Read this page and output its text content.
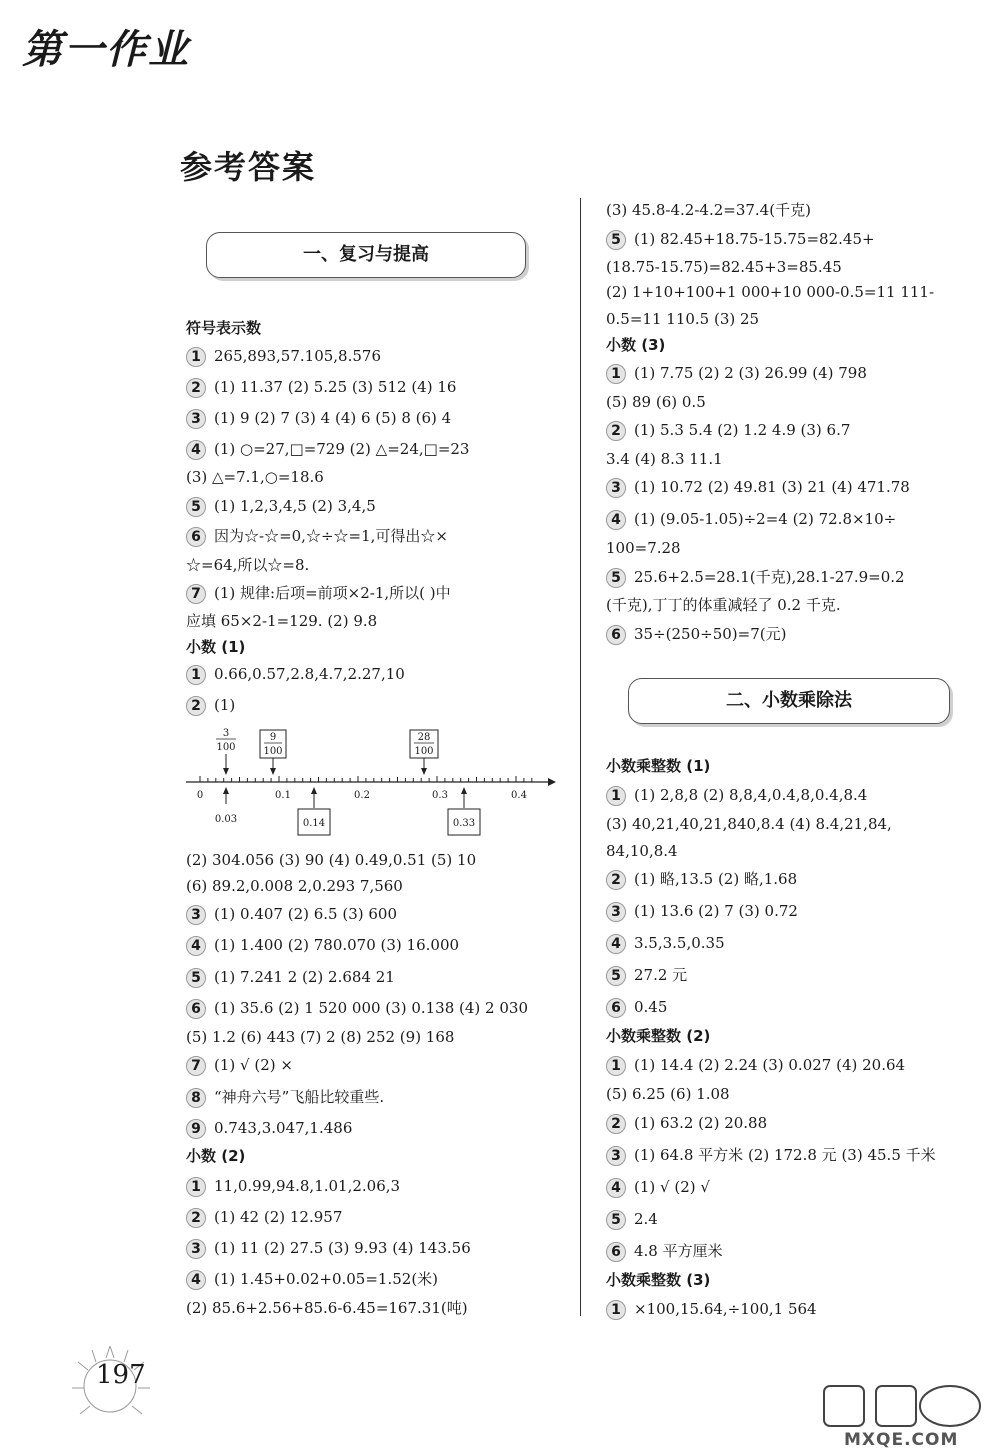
第一作业
参考答案
一、复习与提高
符号表示数
1 265,893,57.105,8.576
2 (1) 11.37 (2) 5.25 (3) 512 (4) 16
3 (1) 9 (2) 7 (3) 4 (4) 6 (5) 8 (6) 4
4 (1) ○=27,□=729 (2) △=24,□=23
(3) △=7.1,○=18.6
5 (1) 1,2,3,4,5 (2) 3,4,5
6 因为☆-☆=0,☆÷☆=1,可得出☆×
☆=64,所以☆=8.
7 (1) 规律:后项=前项×2-1,所以( )中
应填 65×2-1=129. (2) 9.8
小数 (1)
1 0.66,0.57,2.8,4.7,2.27,10
2 (1)
0	0.1	0.2	0.3	0.4
3
100
9
100
28
100
0.03	0.14	0.33
(2) 304.056 (3) 90 (4) 0.49,0.51 (5) 10
(6) 89.2,0.008 2,0.293 7,560
3 (1) 0.407 (2) 6.5 (3) 600
4 (1) 1.400 (2) 780.070 (3) 16.000
5 (1) 7.241 2 (2) 2.684 21
6 (1) 35.6 (2) 1 520 000 (3) 0.138 (4) 2 030
(5) 1.2 (6) 443 (7) 2 (8) 252 (9) 168
7 (1) √ (2) ×
8 “神舟六号”飞船比较重些.
9 0.743,3.047,1.486
小数 (2)
1 11,0.99,94.8,1.01,2.06,3
2 (1) 42 (2) 12.957
3 (1) 11 (2) 27.5 (3) 9.93 (4) 143.56
4 (1) 1.45+0.02+0.05=1.52(米)
(2) 85.6+2.56+85.6-6.45=167.31(吨)
(3) 45.8-4.2-4.2=37.4(千克)
5 (1) 82.45+18.75-15.75=82.45+
(18.75-15.75)=82.45+3=85.45
(2) 1+10+100+1 000+10 000-0.5=11 111-
0.5=11 110.5 (3) 25
小数 (3)
1 (1) 7.75 (2) 2 (3) 26.99 (4) 798
(5) 89 (6) 0.5
2 (1) 5.3 5.4 (2) 1.2 4.9 (3) 6.7
3.4 (4) 8.3 11.1
3 (1) 10.72 (2) 49.81 (3) 21 (4) 471.78
4 (1) (9.05-1.05)÷2=4 (2) 72.8×10÷
100=7.28
5 25.6+2.5=28.1(千克),28.1-27.9=0.2
(千克),丁丁的体重减轻了 0.2 千克.
6 35÷(250÷50)=7(元)
二、小数乘除法
小数乘整数 (1)
1 (1) 2,8,8 (2) 8,8,4,0.4,8,0.4,8.4
(3) 40,21,40,21,840,8.4 (4) 8.4,21,84,
84,10,8.4
2 (1) 略,13.5 (2) 略,1.68
3 (1) 13.6 (2) 7 (3) 0.72
4 3.5,3.5,0.35
5 27.2 元
6 0.45
小数乘整数 (2)
1 (1) 14.4 (2) 2.24 (3) 0.027 (4) 20.64
(5) 6.25 (6) 1.08
2 (1) 63.2 (2) 20.88
3 (1) 64.8 平方米 (2) 172.8 元 (3) 45.5 千米
4 (1) √ (2) √
5 2.4
6 4.8 平方厘米
小数乘整数 (3)
1 ×100,15.64,÷100,1 564
197
MXQE.COM
